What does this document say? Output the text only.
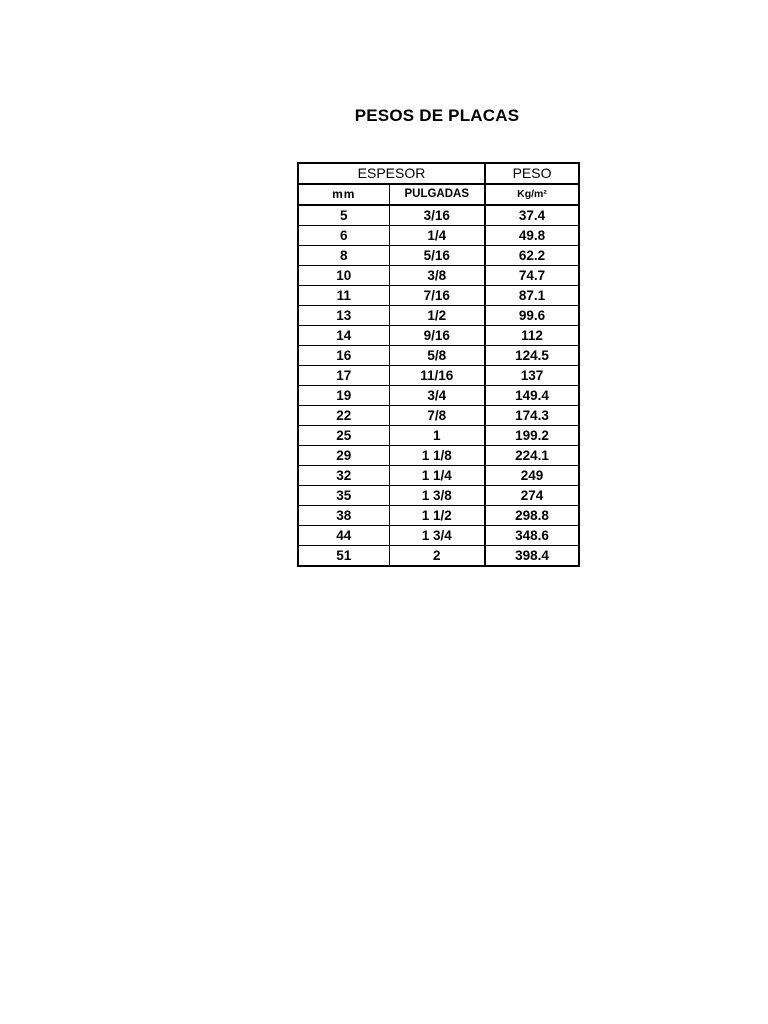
PESOS DE PLACAS
ESPESOR		PESO
mm	PULGADAS	Kg/m²
5	3/16	37.4
6	1/4	49.8
8	5/16	62.2
10	3/8	74.7
11	7/16	87.1
13	1/2	99.6
14	9/16	112
16	5/8	124.5
17	11/16	137
19	3/4	149.4
22	7/8	174.3
25	1	199.2
29	1 1/8	224.1
32	1 1/4	249
35	1 3/8	274
38	1 1/2	298.8
44	1 3/4	348.6
51	2	398.4
